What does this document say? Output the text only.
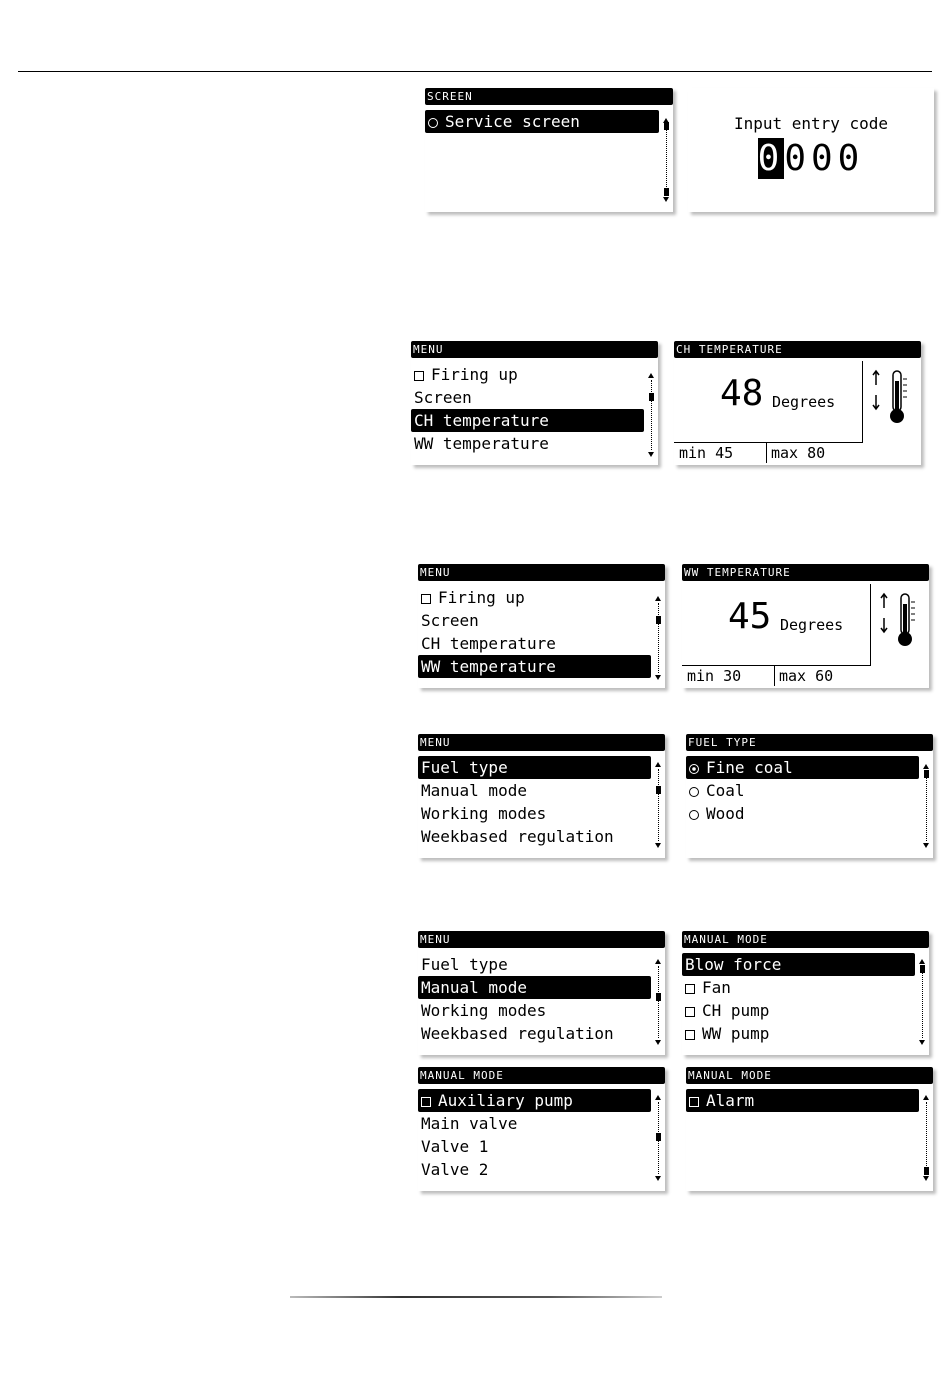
SCREEN
Service screen	Input entry code
0000
MENU
Firing up
Screen
CH temperature
WW temperature
CH TEMPERATURE
48 Degrees
min 45	max 80
MENU
Firing up
Screen
CH temperature
WW temperature
WW TEMPERATURE
45 Degrees
min 30	max 60
MENU
Fuel type
Manual mode
Working modes
Weekbased regulation
FUEL TYPE
Fine coal
Coal
Wood
MENU
Fuel type
Manual mode
Working modes
Weekbased regulation
MANUAL MODE
Blow force
Fan
CH pump
WW pump
MANUAL MODE
Auxiliary pump
Main valve
Valve 1
Valve 2
MANUAL MODE
Alarm
